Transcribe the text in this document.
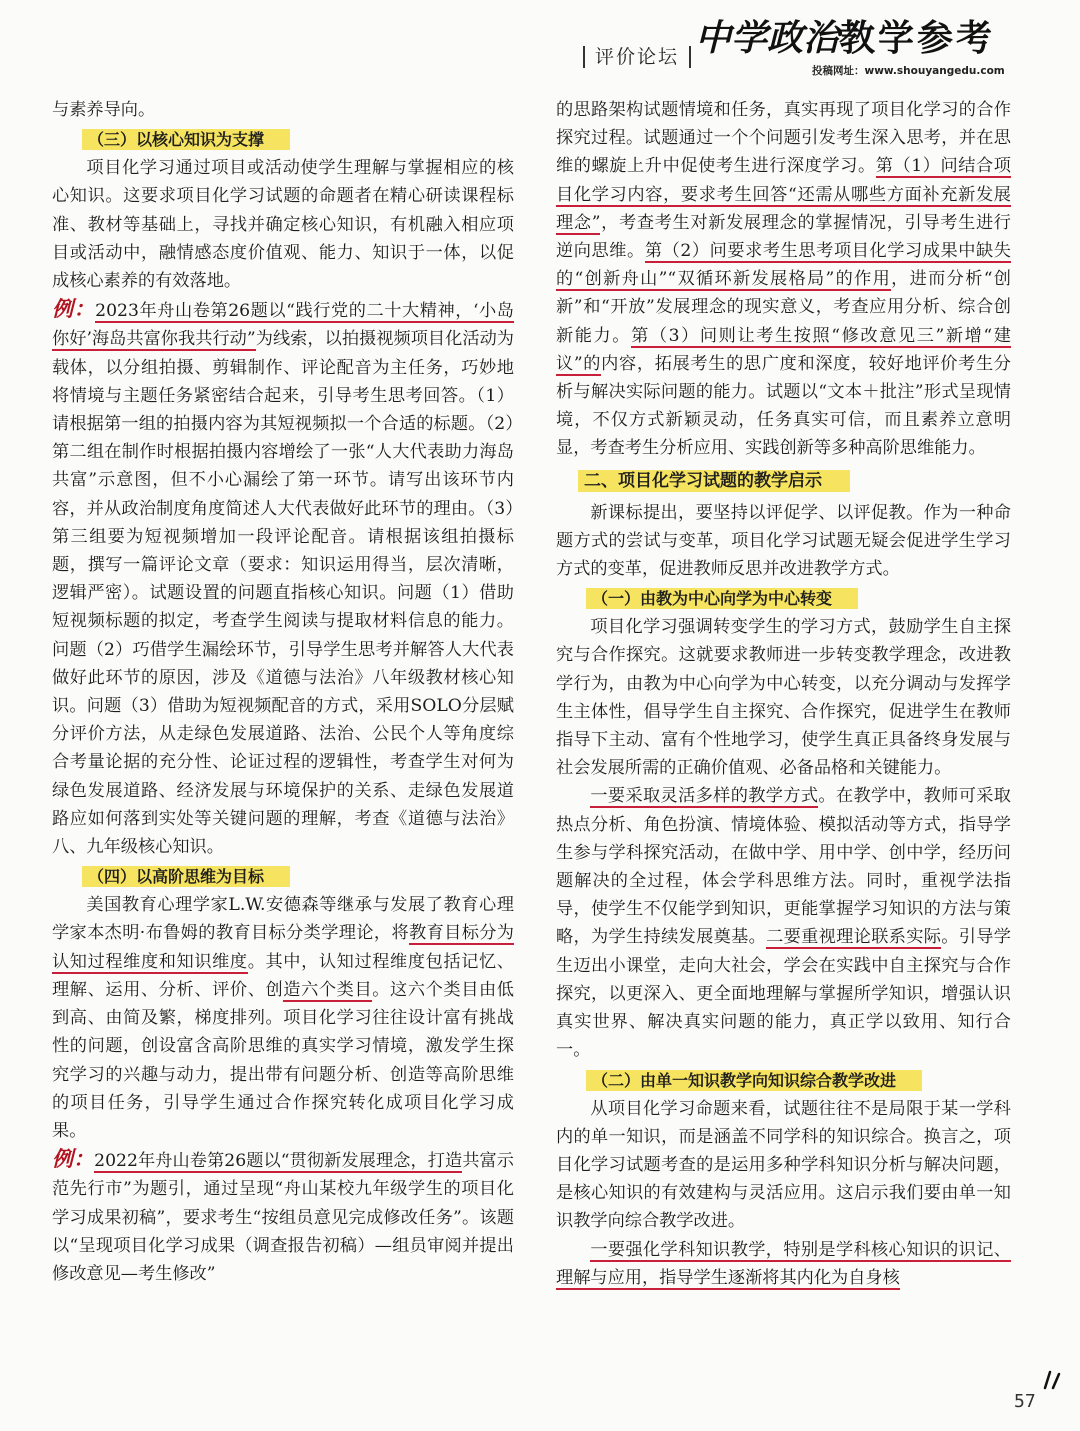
评价论坛 中学政治教学参考
投稿网址：www.shouyangedu.com

与素养导向。

（三）以核心知识为支撑

项目化学习通过项目或活动使学生理解与掌握相应的核心知识。这要求项目化学习试题的命题者在精心研读课程标准、教材等基础上，寻找并确定核心知识，有机融入相应项目或活动中，融情感态度价值观、能力、知识于一体，以促成核心素养的有效落地。

例：2023年舟山卷第26题以“践行党的二十大精神，‘小岛你好’海岛共富你我共行动”为线索，以拍摄视频项目化活动为载体，以分组拍摄、剪辑制作、评论配音为主任务，巧妙地将情境与主题任务紧密结合起来，引导考生思考回答。（1）请根据第一组的拍摄内容为其短视频拟一个合适的标题。（2）第二组在制作时根据拍摄内容增绘了一张“人大代表助力海岛共富”示意图，但不小心漏绘了第一环节。请写出该环节内容，并从政治制度角度简述人大代表做好此环节的理由。（3）第三组要为短视频增加一段评论配音。请根据该组拍摄标题，撰写一篇评论文章（要求：知识运用得当，层次清晰，逻辑严密）。试题设置的问题直指核心知识。问题（1）借助短视频标题的拟定，考查学生阅读与提取材料信息的能力。问题（2）巧借学生漏绘环节，引导学生思考并解答人大代表做好此环节的原因，涉及《道德与法治》八年级教材核心知识。问题（3）借助为短视频配音的方式，采用SOLO分层赋分评价方法，从走绿色发展道路、法治、公民个人等角度综合考量论据的充分性、论证过程的逻辑性，考查学生对何为绿色发展道路、经济发展与环境保护的关系、走绿色发展道路应如何落到实处等关键问题的理解，考查《道德与法治》八、九年级核心知识。

（四）以高阶思维为目标

美国教育心理学家L.W.安德森等继承与发展了教育心理学家本杰明·布鲁姆的教育目标分类学理论，将教育目标分为认知过程维度和知识维度。其中，认知过程维度包括记忆、理解、运用、分析、评价、创造六个类目。这六个类目由低到高、由简及繁，梯度排列。项目化学习往往设计富有挑战性的问题，创设富含高阶思维的真实学习情境，激发学生探究学习的兴趣与动力，提出带有问题分析、创造等高阶思维的项目任务，引导学生通过合作探究转化成项目化学习成果。

例：2022年舟山卷第26题以“贯彻新发展理念，打造共富示范先行市”为题引，通过呈现“舟山某校九年级学生的项目化学习成果初稿”，要求考生“按组员意见完成修改任务”。该题以“呈现项目化学习成果（调查报告初稿）—组员审阅并提出修改意见—考生修改”

的思路架构试题情境和任务，真实再现了项目化学习的合作探究过程。试题通过一个个问题引发考生深入思考，并在思维的螺旋上升中促使考生进行深度学习。第（1）问结合项目化学习内容，要求考生回答“还需从哪些方面补充新发展理念”，考查考生对新发展理念的掌握情况，引导考生进行逆向思维。第（2）问要求考生思考项目化学习成果中缺失的“创新舟山”“双循环新发展格局”的作用，进而分析“创新”和“开放”发展理念的现实意义，考查应用分析、综合创新能力。第（3）问则让考生按照“修改意见三”新增“建议”的内容，拓展考生的思广度和深度，较好地评价考生分析与解决实际问题的能力。试题以“文本＋批注”形式呈现情境，不仅方式新颖灵动，任务真实可信，而且素养立意明显，考查考生分析应用、实践创新等多种高阶思维能力。

二、项目化学习试题的教学启示

新课标提出，要坚持以评促学、以评促教。作为一种命题方式的尝试与变革，项目化学习试题无疑会促进学生学习方式的变革，促进教师反思并改进教学方式。

（一）由教为中心向学为中心转变

项目化学习强调转变学生的学习方式，鼓励学生自主探究与合作探究。这就要求教师进一步转变教学理念，改进教学行为，由教为中心向学为中心转变，以充分调动与发挥学生主体性，倡导学生自主探究、合作探究，促进学生在教师指导下主动、富有个性地学习，使学生真正具备终身发展与社会发展所需的正确价值观、必备品格和关键能力。

一要采取灵活多样的教学方式。在教学中，教师可采取热点分析、角色扮演、情境体验、模拟活动等方式，指导学生参与学科探究活动，在做中学、用中学、创中学，经历问题解决的全过程，体会学科思维方法。同时，重视学法指导，使学生不仅能学到知识，更能掌握学习知识的方法与策略，为学生持续发展奠基。二要重视理论联系实际。引导学生迈出小课堂，走向大社会，学会在实践中自主探究与合作探究，以更深入、更全面地理解与掌握所学知识，增强认识真实世界、解决真实问题的能力，真正学以致用、知行合一。

（二）由单一知识教学向知识综合教学改进

从项目化学习命题来看，试题往往不是局限于某一学科内的单一知识，而是涵盖不同学科的知识综合。换言之，项目化学习试题考查的是运用多种学科知识分析与解决问题，是核心知识的有效建构与灵活应用。这启示我们要由单一知识教学向综合教学改进。

一要强化学科知识教学，特别是学科核心知识的识记、理解与应用，指导学生逐渐将其内化为自身核

57
